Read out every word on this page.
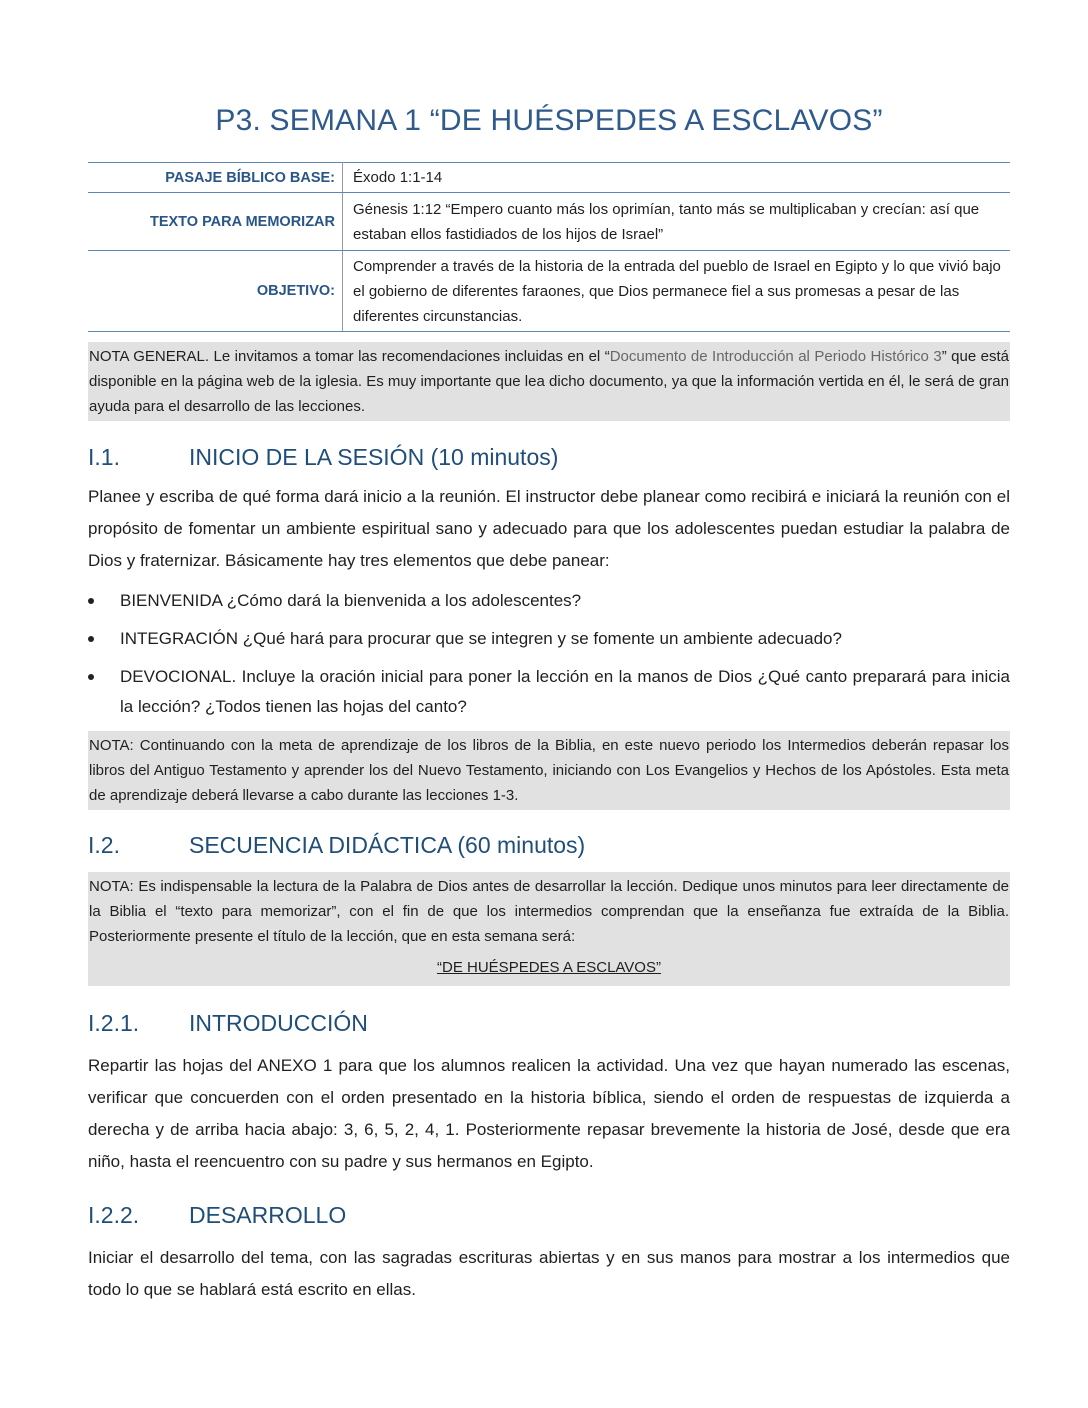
P3. SEMANA 1 “DE HUÉSPEDES A ESCLAVOS”
PASAJE BÍBLICO BASE:	Éxodo 1:1-14
TEXTO PARA MEMORIZAR	Génesis 1:12 “Empero cuanto más los oprimían, tanto más se multiplicaban y crecían: así que estaban ellos fastidiados de los hijos de Israel”
OBJETIVO:	Comprender a través de la historia de la entrada del pueblo de Israel en Egipto y lo que vivió bajo el gobierno de diferentes faraones, que Dios permanece fiel a sus promesas a pesar de las diferentes circunstancias.
NOTA GENERAL. Le invitamos a tomar las recomendaciones incluidas en el “Documento de Introducción al Periodo Histórico 3” que está disponible en la página web de la iglesia. Es muy importante que lea dicho documento, ya que la información vertida en él, le será de gran ayuda para el desarrollo de las lecciones.
I.1.	INICIO DE LA SESIÓN (10 minutos)
Planee y escriba de qué forma dará inicio a la reunión. El instructor debe planear como recibirá e iniciará la reunión con el propósito de fomentar un ambiente espiritual sano y adecuado para que los adolescentes puedan estudiar la palabra de Dios y fraternizar. Básicamente hay tres elementos que debe panear:
BIENVENIDA ¿Cómo dará la bienvenida a los adolescentes?
INTEGRACIÓN ¿Qué hará para procurar que se integren y se fomente un ambiente adecuado?
DEVOCIONAL. Incluye la oración inicial para poner la lección en la manos de Dios ¿Qué canto preparará para inicia la lección? ¿Todos tienen las hojas del canto?
NOTA: Continuando con la meta de aprendizaje de los libros de la Biblia, en este nuevo periodo los Intermedios deberán repasar los libros del Antiguo Testamento y aprender los del Nuevo Testamento, iniciando con Los Evangelios y Hechos de los Apóstoles. Esta meta de aprendizaje deberá llevarse a cabo durante las lecciones 1-3.
I.2.	SECUENCIA DIDÁCTICA (60 minutos)
NOTA: Es indispensable la lectura de la Palabra de Dios antes de desarrollar la lección. Dedique unos minutos para leer directamente de la Biblia el “texto para memorizar”, con el fin de que los intermedios comprendan que la enseñanza fue extraída de la Biblia. Posteriormente presente el título de la lección, que en esta semana será:
“DE HUÉSPEDES A ESCLAVOS”
I.2.1. INTRODUCCIÓN
Repartir las hojas del ANEXO 1 para que los alumnos realicen la actividad. Una vez que hayan numerado las escenas, verificar que concuerden con el orden presentado en la historia bíblica, siendo el orden de respuestas de izquierda a derecha y de arriba hacia abajo: 3, 6, 5, 2, 4, 1. Posteriormente repasar brevemente la historia de José, desde que era niño, hasta el reencuentro con su padre y sus hermanos en Egipto.
I.2.2. DESARROLLO
Iniciar el desarrollo del tema, con las sagradas escrituras abiertas y en sus manos para mostrar a los intermedios que todo lo que se hablará está escrito en ellas.
